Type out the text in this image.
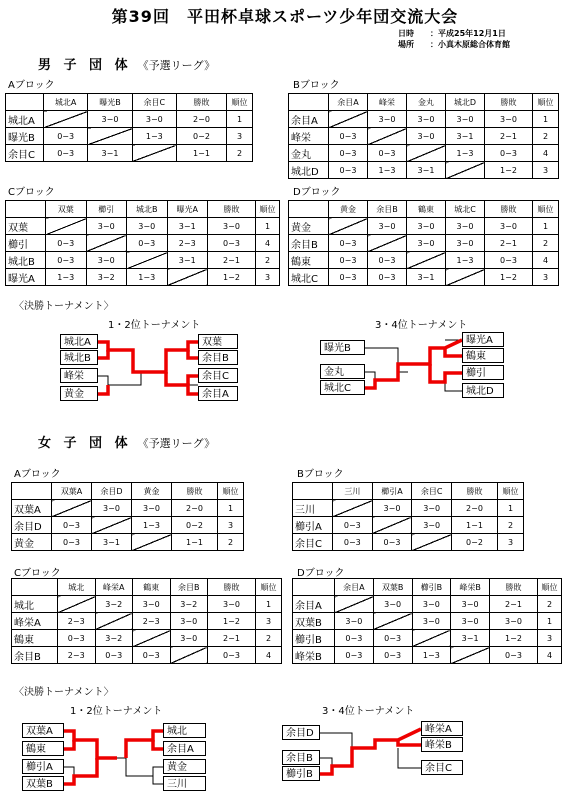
第39回　平田杯卓球スポーツ少年団交流大会
日時 ：平成25年12月1日
場所 ：小真木原総合体育館
男 子 団 体 《予選リーグ》
Aブロック
	城北A	曝光B	余目C	勝敗	順位
城北A		3−0	3−0	2−0	1
曝光B	0−3		1−3	0−2	3
余目C	0−3	3−1		1−1	2
Bブロック
	余目A	峰栄	金丸	城北D	勝敗	順位
余目A		3−0	3−0	3−0	3−0	1
峰栄	0−3		3−0	3−1	2−1	2
金丸	0−3	0−3		1−3	0−3	4
城北D	0−3	1−3	3−1		1−2	3
Cブロック
	双葉	櫛引	城北B	曝光A	勝敗	順位
双葉		3−0	3−0	3−1	3−0	1
櫛引	0−3		0−3	2−3	0−3	4
城北B	0−3	3−0		3−1	2−1	2
曝光A	1−3	3−2	1−3		1−2	3
Dブロック
	黄金	余目B	鶴東	城北C	勝敗	順位
黄金		3−0	3−0	3−0	3−0	1
余目B	0−3		3−0	3−0	2−1	2
鶴東	0−3	0−3		1−3	0−3	4
城北C	0−3	0−3	3−1		1−2	3
〈決勝トーナメント〉
1・2位トーナメント	3・4位トーナメント
城北A
城北B
峰栄
黄金
双葉
余目B
余目C
余目A
曝光B
金丸
城北C
曝光A
鶴東
櫛引
城北D
女 子 団 体 《予選リーグ》
Aブロック
	双葉A	余目D	黄金	勝敗	順位
双葉A		3−0	3−0	2−0	1
余目D	0−3		1−3	0−2	3
黄金	0−3	3−1		1−1	2
Bブロック
	三川	櫛引A	余目C	勝敗	順位
三川		3−0	3−0	2−0	1
櫛引A	0−3		3−0	1−1	2
余目C	0−3	0−3		0−2	3
Cブロック
	城北	峰栄A	鶴東	余目B	勝敗	順位
城北		3−2	3−0	3−2	3−0	1
峰栄A	2−3		2−3	3−0	1−2	3
鶴東	0−3	3−2		3−0	2−1	2
余目B	2−3	0−3	0−3		0−3	4
Dブロック
	余目A	双葉B	櫛引B	峰栄B	勝敗	順位
余目A		3−0	3−0	3−0	2−1	2
双葉B	3−0		3−0	3−0	3−0	1
櫛引B	0−3	0−3		3−1	1−2	3
峰栄B	0−3	0−3	1−3		0−3	4
〈決勝トーナメント〉
1・2位トーナメント	3・4位トーナメント
双葉A
鶴東
櫛引A
双葉B
城北
余目A
黄金
三川
余目D
余目B
櫛引B
峰栄A
峰栄B
余目C
